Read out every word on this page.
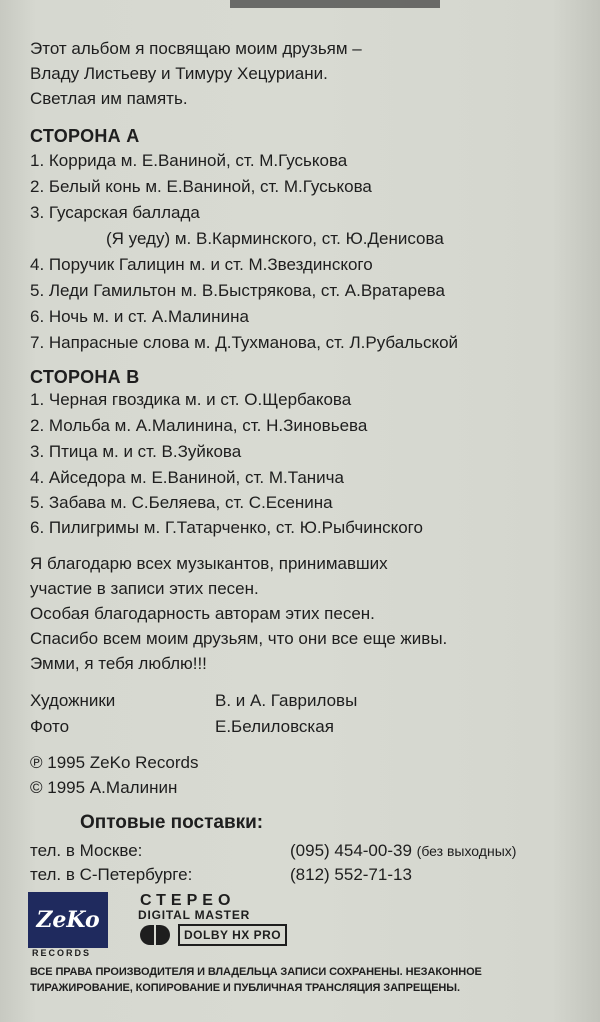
Этот альбом я посвящаю моим друзьям –
Владу Листьеву и Тимуру Хецуриани.
Светлая им память.
СТОРОНА А
1. Коррида м. Е.Ваниной, ст. М.Гуськова
2. Белый конь м. Е.Ваниной, ст. М.Гуськова
3. Гусарская баллада
(Я уеду) м. В.Карминского, ст. Ю.Денисова
4. Поручик Галицин м. и ст. М.Звездинского
5. Леди Гамильтон м. В.Быстрякова, ст. А.Вратарева
6. Ночь м. и ст. А.Малинина
7. Напрасные слова м. Д.Тухманова, ст. Л.Рубальской
СТОРОНА В
1. Черная гвоздика м. и ст. О.Щербакова
2. Мольба м. А.Малинина, ст. Н.Зиновьева
3. Птица м. и ст. В.Зуйкова
4. Айседора м. Е.Ваниной, ст. М.Танича
5. Забава м. С.Беляева, ст. С.Есенина
6. Пилигримы м. Г.Татарченко, ст. Ю.Рыбчинского
Я благодарю всех музыкантов, принимавших
участие в записи этих песен.
Особая благодарность авторам этих песен.
Спасибо всем моим друзьям, что они все еще живы.
Эмми, я тебя люблю!!!
Художники	В. и А. Гавриловы
Фото	Е.Белиловская
℗ 1995 ZeKo Records
© 1995 А.Малинин
Оптовые поставки:
тел. в Москве:	(095) 454-00-39 (без выходных)
тел. в С-Петербурге:	(812) 552-71-13
ZeKo
RECORDS
СТЕРЕО
DIGITAL MASTER
DOLBY HX PRO
ВСЕ ПРАВА ПРОИЗВОДИТЕЛЯ И ВЛАДЕЛЬЦА ЗАПИСИ СОХРАНЕНЫ. НЕЗАКОННОЕ
ТИРАЖИРОВАНИЕ, КОПИРОВАНИЕ И ПУБЛИЧНАЯ ТРАНСЛЯЦИЯ ЗАПРЕЩЕНЫ.
